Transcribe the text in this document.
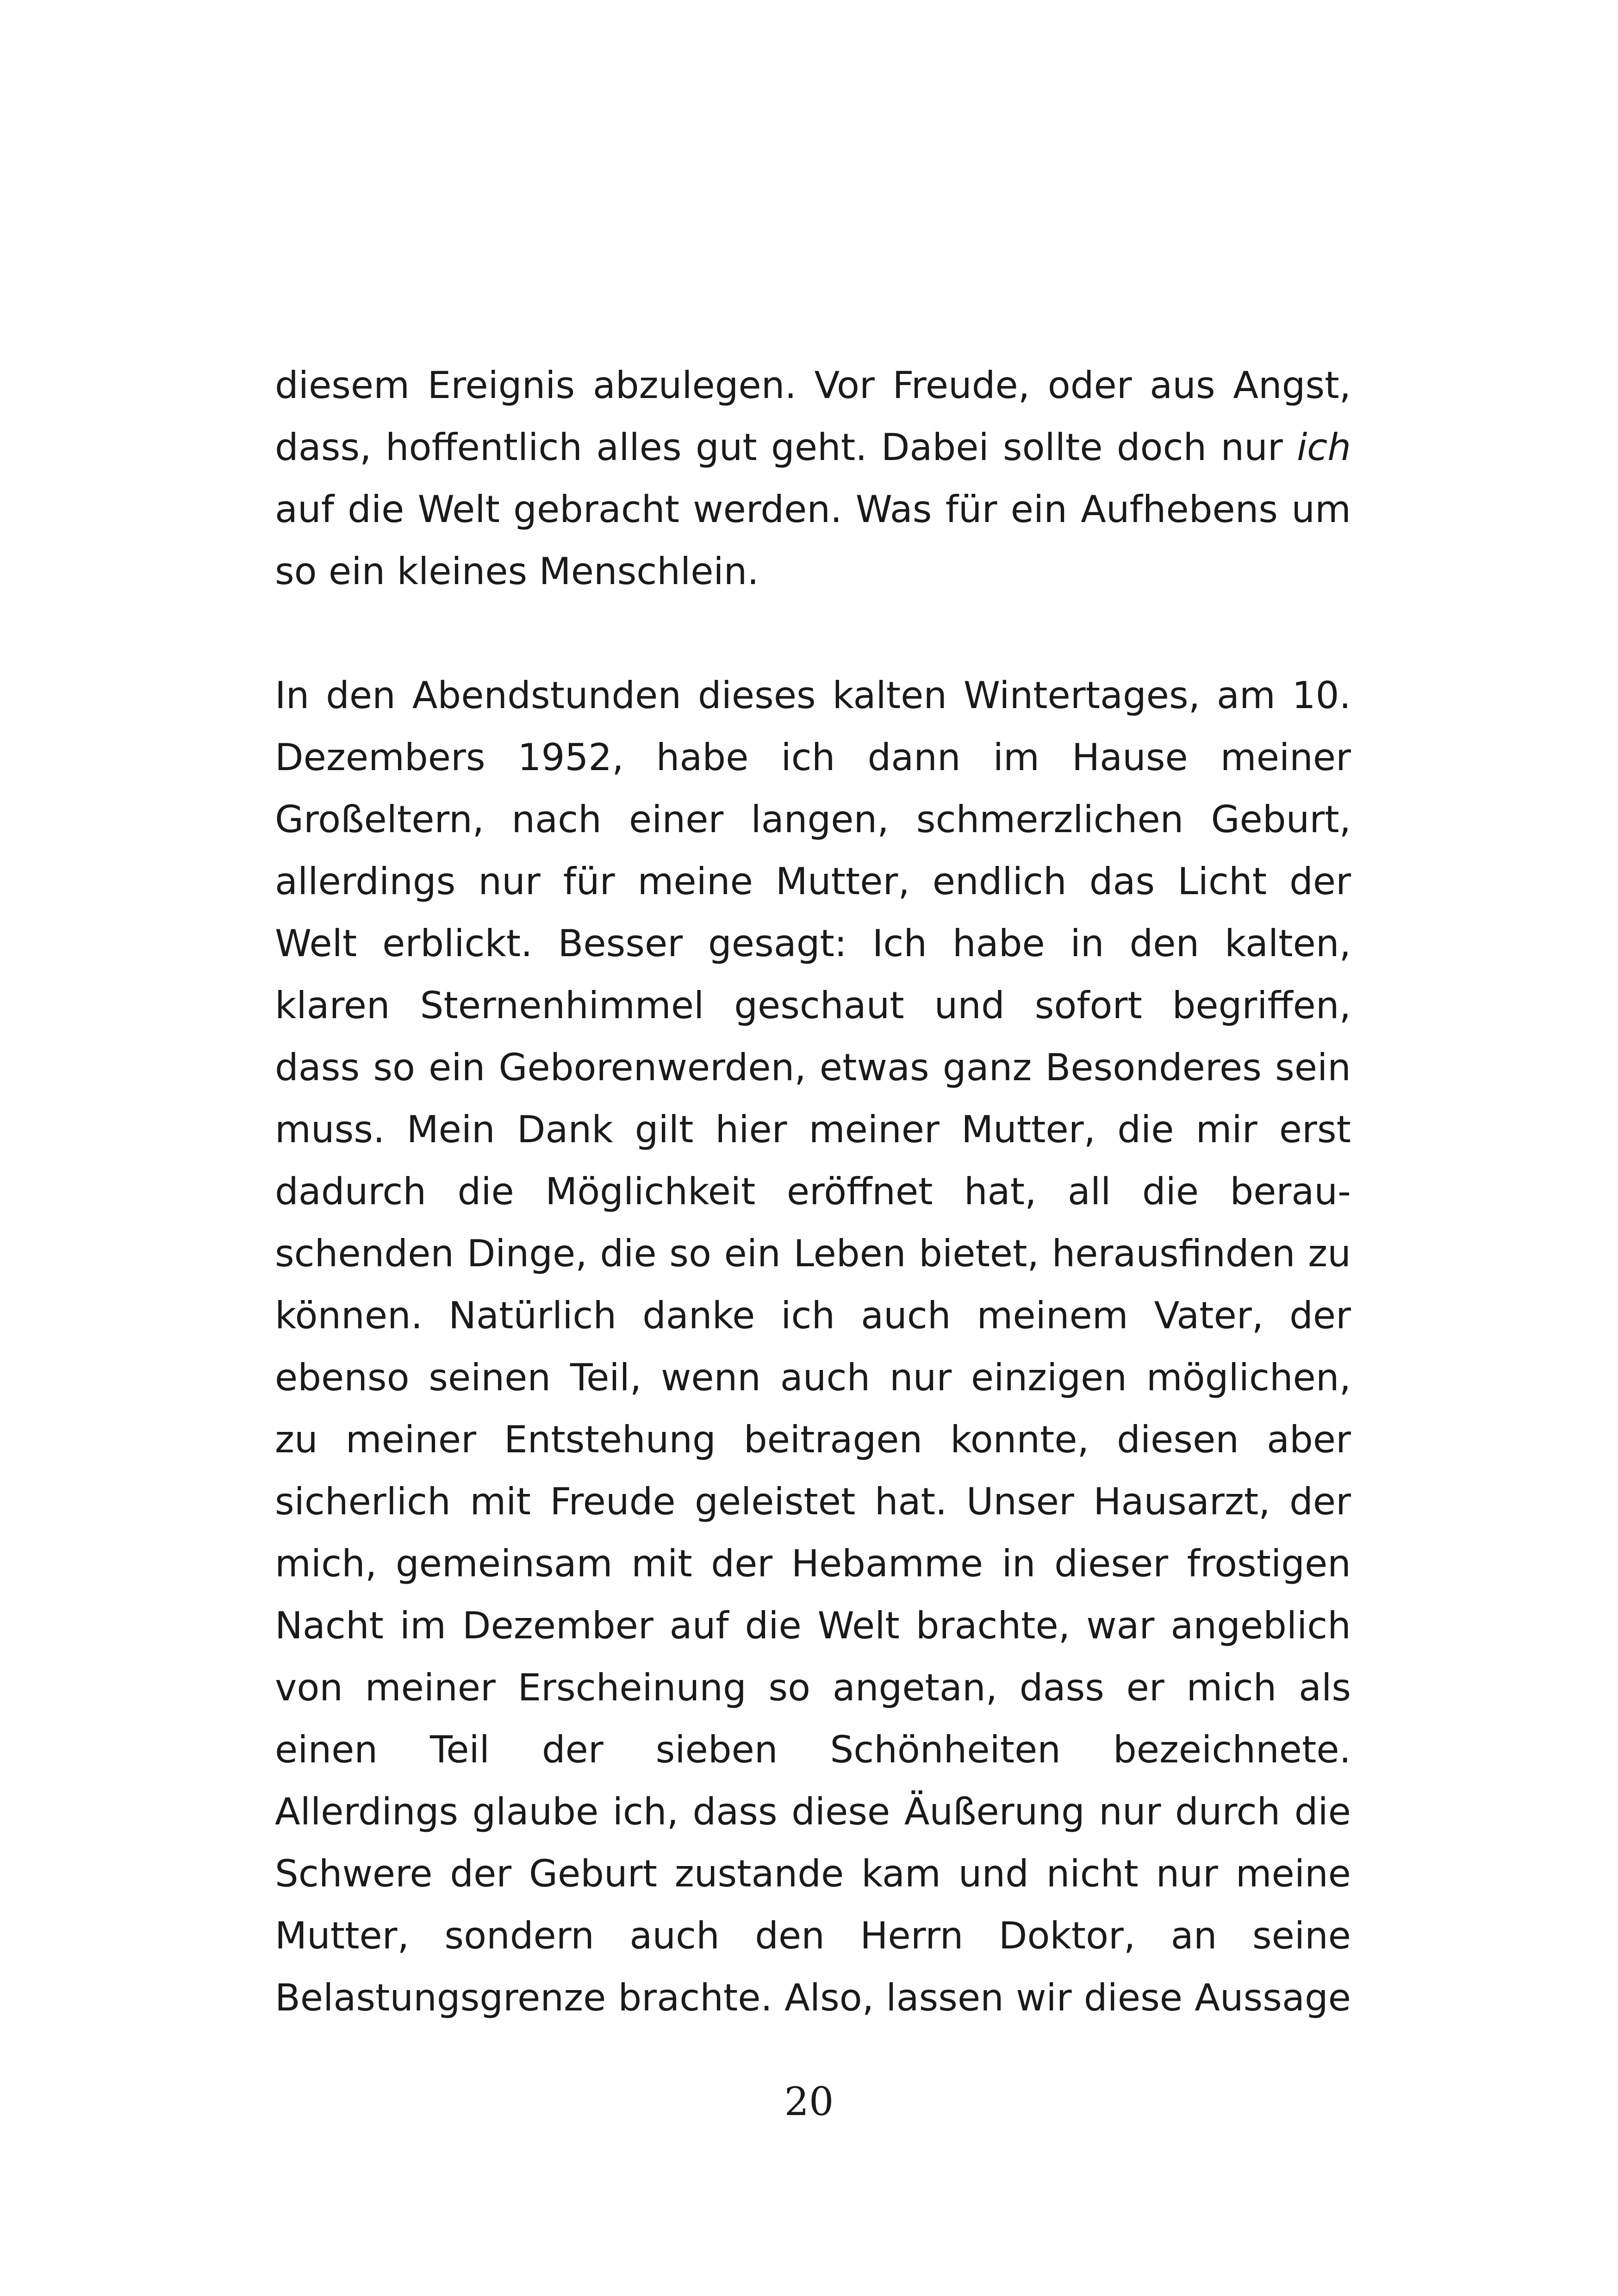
diesem Ereignis abzulegen. Vor Freude, oder aus Angst,
dass, hoffentlich alles gut geht. Dabei sollte doch nur ich
auf die Welt gebracht werden. Was für ein Aufhebens um
so ein kleines Menschlein.
In den Abendstunden dieses kalten Wintertages, am 10.
Dezembers 1952, habe ich dann im Hause meiner
Großeltern, nach einer langen, schmerzlichen Geburt,
allerdings nur für meine Mutter, endlich das Licht der
Welt erblickt. Besser gesagt: Ich habe in den kalten,
klaren Sternenhimmel geschaut und sofort begriffen,
dass so ein Geborenwerden, etwas ganz Besonderes sein
muss. Mein Dank gilt hier meiner Mutter, die mir erst
dadurch die Möglichkeit eröffnet hat, all die berau-
schenden Dinge, die so ein Leben bietet, herausfinden zu
können. Natürlich danke ich auch meinem Vater, der
ebenso seinen Teil, wenn auch nur einzigen möglichen,
zu meiner Entstehung beitragen konnte, diesen aber
sicherlich mit Freude geleistet hat. Unser Hausarzt, der
mich, gemeinsam mit der Hebamme in dieser frostigen
Nacht im Dezember auf die Welt brachte, war angeblich
von meiner Erscheinung so angetan, dass er mich als
einen Teil der sieben Schönheiten bezeichnete.
Allerdings glaube ich, dass diese Äußerung nur durch die
Schwere der Geburt zustande kam und nicht nur meine
Mutter, sondern auch den Herrn Doktor, an seine
Belastungsgrenze brachte. Also, lassen wir diese Aussage
20
